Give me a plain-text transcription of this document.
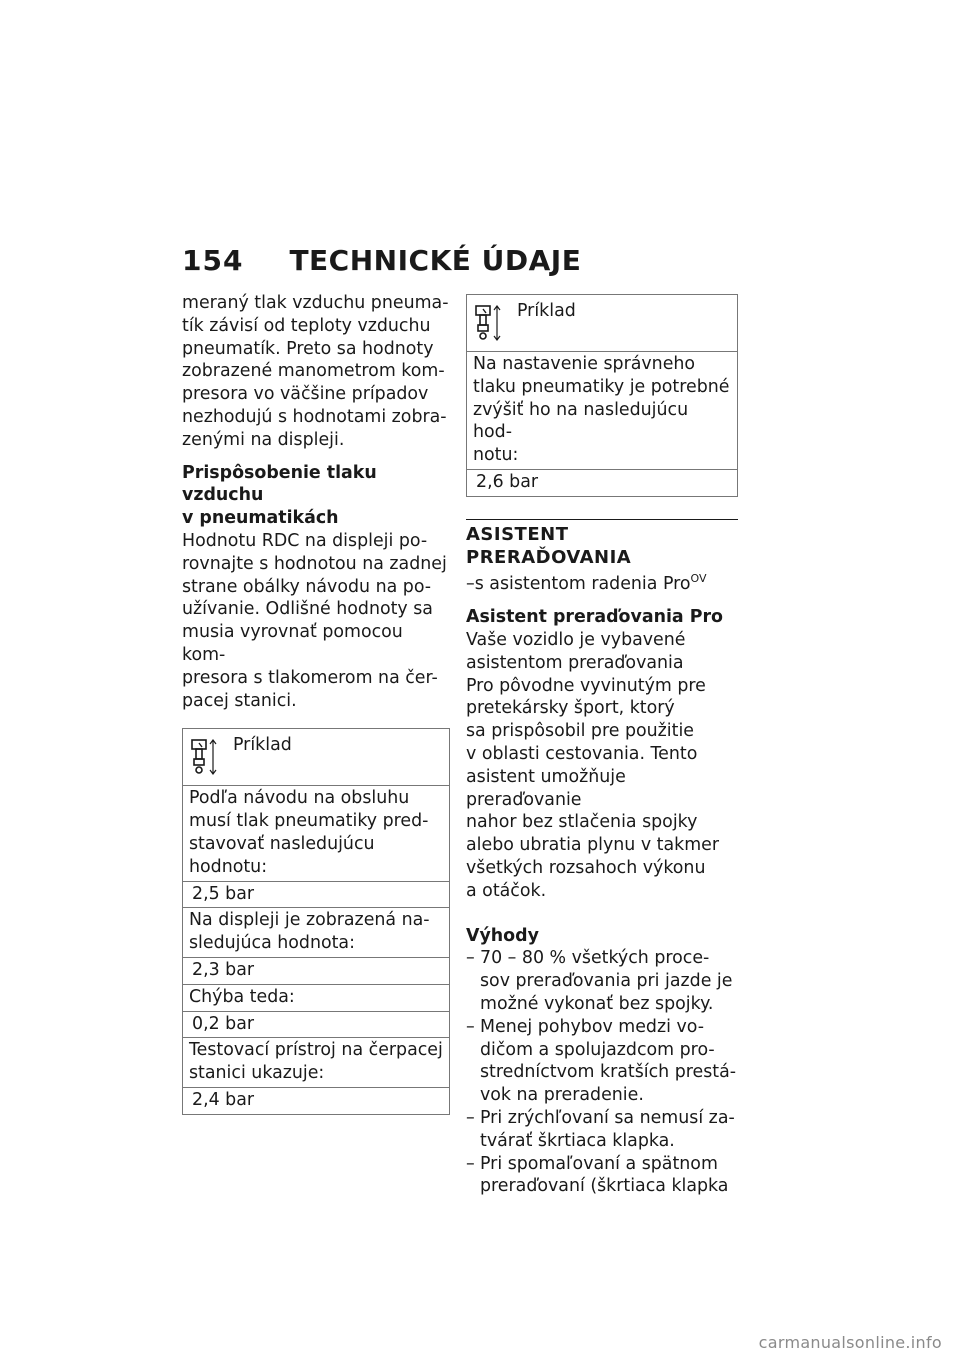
154 TECHNICKÉ ÚDAJE

meraný tlak vzduchu pneuma-

tík závisí od teploty vzduchu

pneumatík. Preto sa hodnoty

zobrazené manometrom kom-

presora vo väčšine prípadov

nezhodujú s hodnotami zobra-

zenými na displeji.

Prispôsobenie tlaku vzduchu

v pneumatikách

Hodnotu RDC na displeji po-

rovnajte s hodnotou na zadnej

strane obálky návodu na po-

užívanie. Odlišné hodnoty sa

musia vyrovnať pomocou kom-

presora s tlakomerom na čer-

pacej stanici.

Príklad

Podľa návodu na obsluhu

musí tlak pneumatiky pred-

stavovať nasledujúcu hodnotu:

2,5 bar

Na displeji je zobrazená na-

sledujúca hodnota:

2,3 bar

Chýba teda:

0,2 bar

Testovací prístroj na čerpacej

stanici ukazuje:

2,4 bar

Príklad

Na nastavenie správneho

tlaku pneumatiky je potrebné

zvýšiť ho na nasledujúcu hod-

notu:

2,6 bar

ASISTENT PRERAĎOVANIA

–s asistentom radenia Pro$^{OV}$

Asistent preraďovania Pro

Vaše vozidlo je vybavené

asistentom preraďovania

Pro pôvodne vyvinutým pre

pretekársky šport, ktorý

sa prispôsobil pre použitie

v oblasti cestovania. Tento

asistent umožňuje preraďovanie

nahor bez stlačenia spojky

alebo ubratia plynu v takmer

všetkých rozsahoch výkonu

a otáčok.

Výhody

– 70 – 80 % všetkých proce-
sov preraďovania pri jazde je
možné vykonať bez spojky.
– Menej pohybov medzi vo-
dičom a spolujazdcom pro-
stredníctvom kratších prestá-
vok na preradenie.
– Pri zrýchľovaní sa nemusí za-
tvárať škrtiaca klapka.
– Pri spomaľovaní a spätnom
preraďovaní (škrtiaca klapka
carmanualsonline.info
